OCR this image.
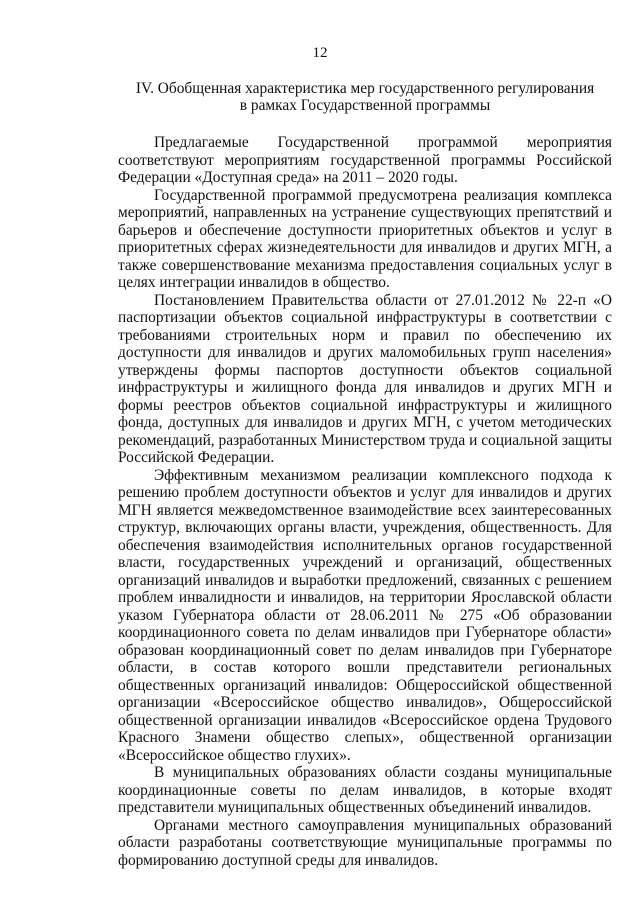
12
IV. Обобщенная характеристика мер государственного регулирования
в рамках Государственной программы

Предлагаемые Государственной программой мероприятия соответствуют мероприятиям государственной программы Российской Федерации «Доступная среда» на 2011 – 2020 годы.

Государственной программой предусмотрена реализация комплекса мероприятий, направленных на устранение существующих препятствий и барьеров и обеспечение доступности приоритетных объектов и услуг в приоритетных сферах жизнедеятельности для инвалидов и других МГН, а также совершенствование механизма предоставления социальных услуг в целях интеграции инвалидов в общество.

Постановлением Правительства области от 27.01.2012 № 22-п «О паспортизации объектов социальной инфраструктуры в соответствии с требованиями строительных норм и правил по обеспечению их доступности для инвалидов и других маломобильных групп населения» утверждены формы паспортов доступности объектов социальной инфраструктуры и жилищного фонда для инвалидов и других МГН и формы реестров объектов социальной инфраструктуры и жилищного фонда, доступных для инвалидов и других МГН, с учетом методических рекомендаций, разработанных Министерством труда и социальной защиты Российской Федерации.

Эффективным механизмом реализации комплексного подхода к решению проблем доступности объектов и услуг для инвалидов и других МГН является межведомственное взаимодействие всех заинтересованных структур, включающих органы власти, учреждения, общественность. Для обеспечения взаимодействия исполнительных органов государственной власти, государственных учреждений и организаций, общественных организаций инвалидов и выработки предложений, связанных с решением проблем инвалидности и инвалидов, на территории Ярославской области указом Губернатора области от 28.06.2011 № 275 «Об образовании координационного совета по делам инвалидов при Губернаторе области» образован координационный совет по делам инвалидов при Губернаторе области, в состав которого вошли представители региональных общественных организаций инвалидов: Общероссийской общественной организации «Всероссийское общество инвалидов», Общероссийской общественной организации инвалидов «Всероссийское ордена Трудового Красного Знамени общество слепых», общественной организации «Всероссийское общество глухих».

В муниципальных образованиях области созданы муниципальные координационные советы по делам инвалидов, в которые входят представители муниципальных общественных объединений инвалидов.

Органами местного самоуправления муниципальных образований области разработаны соответствующие муниципальные программы по формированию доступной среды для инвалидов.
